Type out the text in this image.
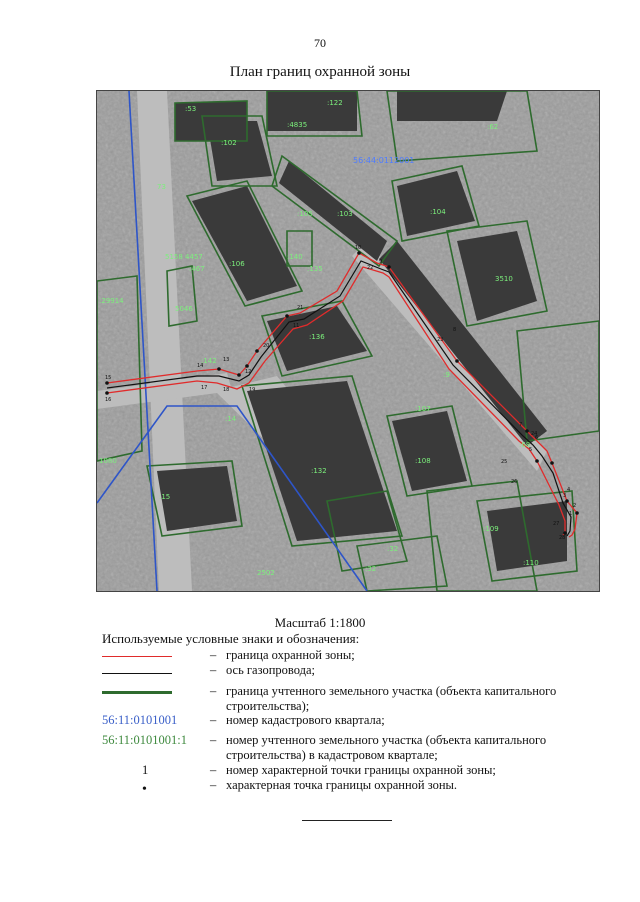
70
План границ охранной зоны
1
2
3
4
5
6
7
8
9
10
11
12
13
14
15
16
17	18	19
20
21
22
23
24
25
26
27
28
:122
:4835	:62
:102
:53
73
:104
:105	:103
:106
:467
5158 4457	:140
:135
3510
:29914
5046
:136
:142
:9
:14
:107
:108
:132
:68
:15
:109
:110
:32
:32
2502
1080
56:44:0112001
Масштаб 1:1800
Используемые условные знаки и обозначения:
– граница охранной зоны;
– ось газопровода;
– граница учтенного земельного участка (объекта капитального строительства);
56:11:0101001	– номер кадастрового квартала;
56:11:0101001:1 – номер учтенного земельного участка (объекта капитального строительства) в кадастровом квартале;
1	– номер характерной точки границы охранной зоны;
•	– характерная точка границы охранной зоны.
